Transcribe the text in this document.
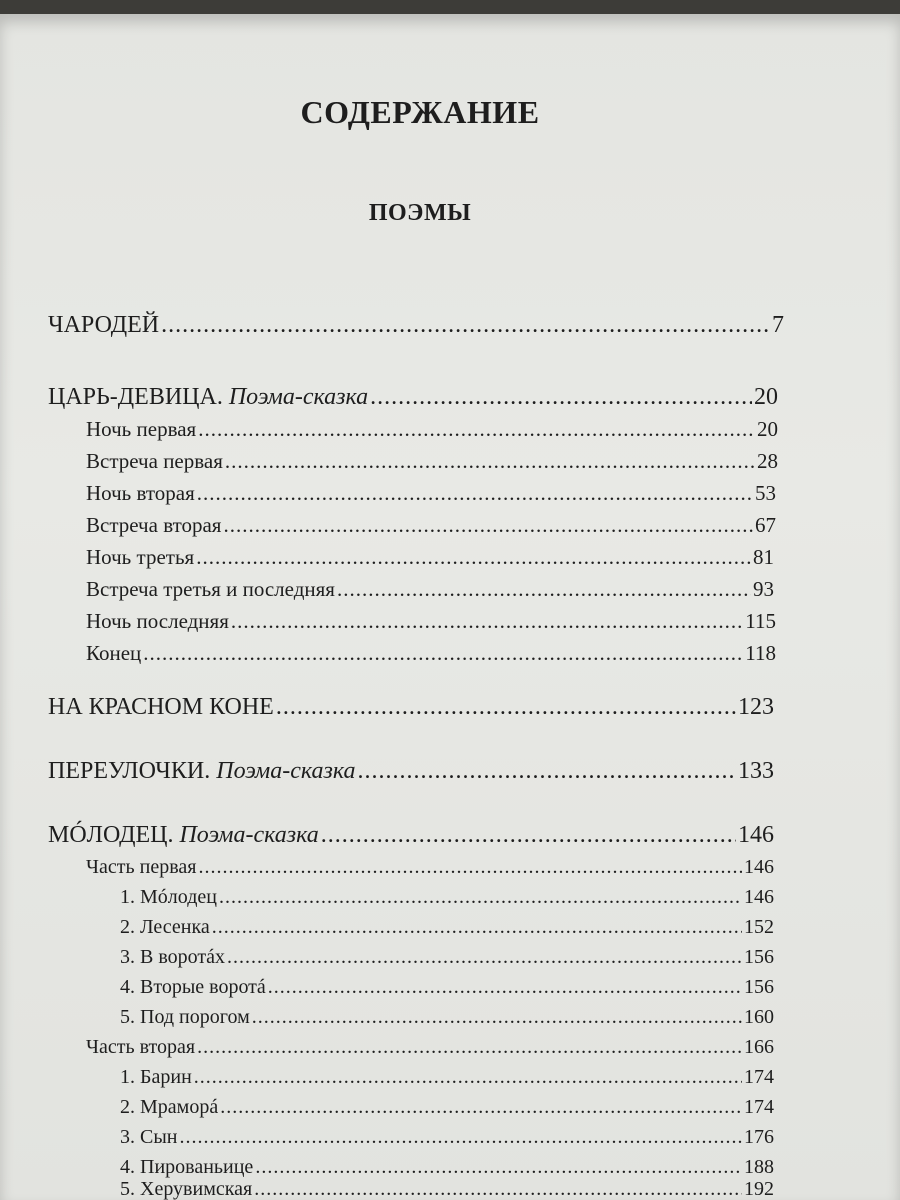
СОДЕРЖАНИЕ
ПОЭМЫ
ЧАРОДЕЙ .....	7
ЦАРЬ-ДЕВИЦА. Поэма-сказка .....	20
Ночь первая .....	20
Встреча первая .....	28
Ночь вторая .....	53
Встреча вторая .....	67
Ночь третья .....	81
Встреча третья и последняя .....	93
Ночь последняя .....	115
Конец .....	118
НА КРАСНОМ КОНЕ .....	123
ПЕРЕУЛОЧКИ. Поэма-сказка .....	133
МÓЛОДЕЦ. Поэма-сказка .....	146
Часть первая .....	146
1. Мóлодец .....	146
2. Лесенка .....	152
3. В воротáх .....	156
4. Вторые воротá .....	156
5. Под порогом .....	160
Часть вторая .....	166
1. Барин .....	174
2. Мраморá .....	174
3. Сын .....	176
4. Пированьице .....	188
5. Херувимская .....	192
